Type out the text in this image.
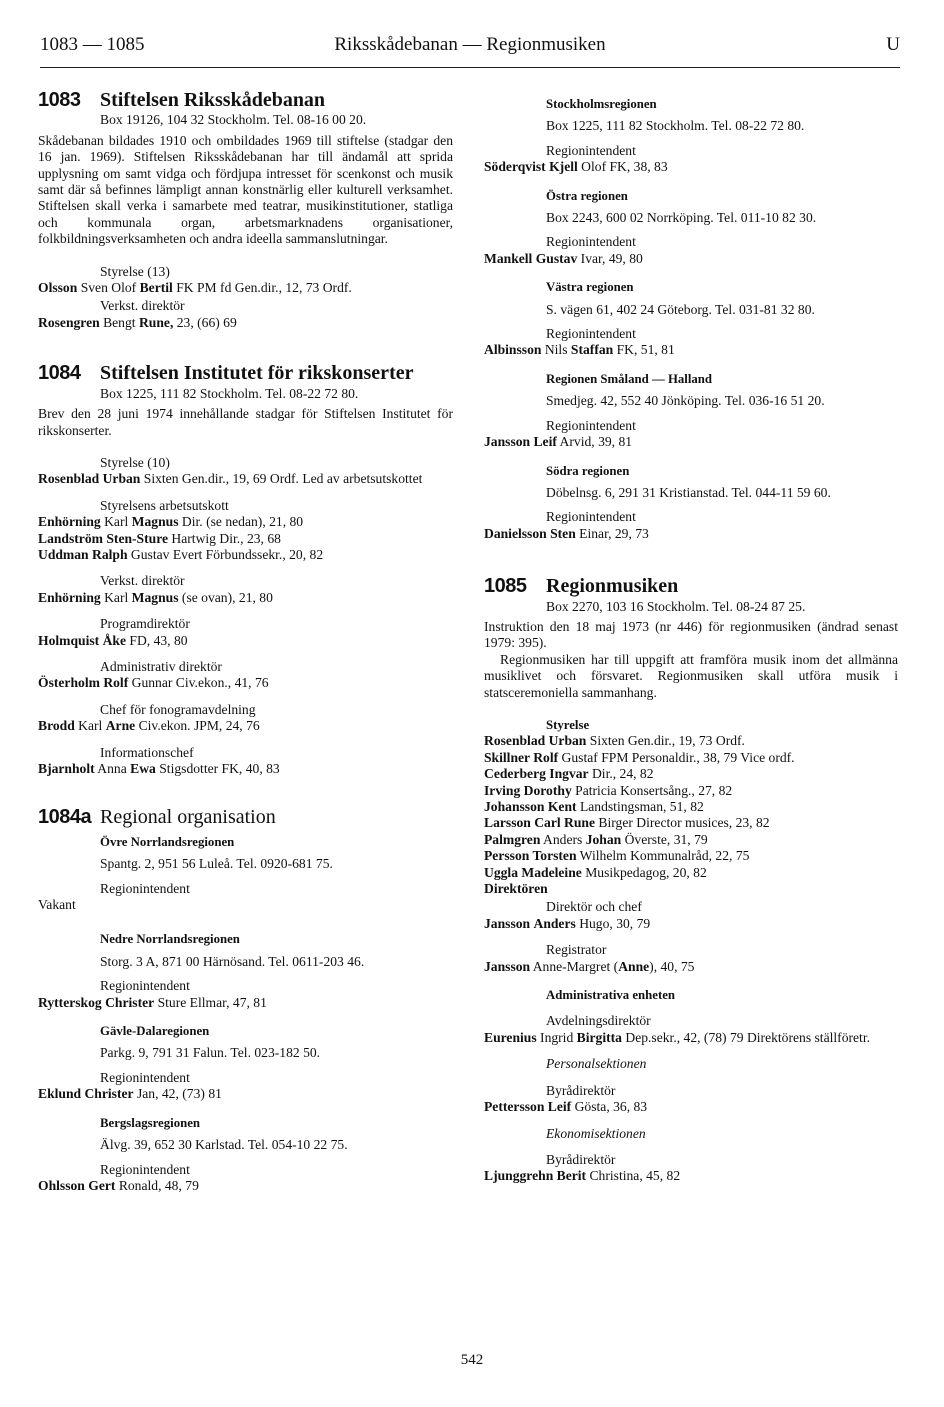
1083 — 1085	Riksskådebanan — Regionmusiken	U
1083 Stiftelsen Riksskådebanan
Box 19126, 104 32 Stockholm. Tel. 08-16 00 20.

Skådebanan bildades 1910 och ombildades 1969 till stiftelse (stadgar den 16 jan. 1969). Stiftelsen Riksskådebanan har till ändamål att sprida upplysning om samt vidga och fördjupa intresset för scenkonst och musik samt där så befinnes lämpligt annan konstnärlig eller kulturell verksamhet. Stiftelsen skall verka i samarbete med teatrar, musikinstitutioner, statliga och kommunala organ, arbetsmarknadens organisationer, folkbildningsverksamheten och andra ideella sammanslutningar.

Styrelse (13)
Olsson Sven Olof Bertil FK PM fd Gen.dir., 12, 73 Ordf.
Verkst. direktör
Rosengren Bengt Rune, 23, (66) 69
1084 Stiftelsen Institutet för rikskonserter
Box 1225, 111 82 Stockholm. Tel. 08-22 72 80.

Brev den 28 juni 1974 innehållande stadgar för Stiftelsen Institutet för rikskonserter.

Styrelse (10)
Rosenblad Urban Sixten Gen.dir., 19, 69 Ordf. Led av arbetsutskottet
Styrelsens arbetsutskott
Enhörning Karl Magnus Dir. (se nedan), 21, 80
Landström Sten-Sture Hartwig Dir., 23, 68
Uddman Ralph Gustav Evert Förbundssekr., 20, 82
Verkst. direktör
Enhörning Karl Magnus (se ovan), 21, 80
Programdirektör
Holmquist Åke FD, 43, 80
Administrativ direktör
Österholm Rolf Gunnar Civ.ekon., 41, 76
Chef för fonogramavdelning
Brodd Karl Arne Civ.ekon. JPM, 24, 76
Informationschef
Bjarnholt Anna Ewa Stigsdotter FK, 40, 83
1084a Regional organisation
Övre Norrlandsregionen
Spantg. 2, 951 56 Luleå. Tel. 0920-681 75.
Regionintendent
Vakant
Nedre Norrlandsregionen
Storg. 3 A, 871 00 Härnösand. Tel. 0611-203 46.
Regionintendent
Rytterskog Christer Sture Ellmar, 47, 81
Gävle-Dalaregionen
Parkg. 9, 791 31 Falun. Tel. 023-182 50.
Regionintendent
Eklund Christer Jan, 42, (73) 81
Bergslagsregionen
Älvg. 39, 652 30 Karlstad. Tel. 054-10 22 75.
Regionintendent
Ohlsson Gert Ronald, 48, 79
Stockholmsregionen
Box 1225, 111 82 Stockholm. Tel. 08-22 72 80.
Regionintendent
Söderqvist Kjell Olof FK, 38, 83
Östra regionen
Box 2243, 600 02 Norrköping. Tel. 011-10 82 30.
Regionintendent
Mankell Gustav Ivar, 49, 80
Västra regionen
S. vägen 61, 402 24 Göteborg. Tel. 031-81 32 80.
Regionintendent
Albinsson Nils Staffan FK, 51, 81
Regionen Småland — Halland
Smedjeg. 42, 552 40 Jönköping. Tel. 036-16 51 20.
Regionintendent
Jansson Leif Arvid, 39, 81
Södra regionen
Döbelnsg. 6, 291 31 Kristianstad. Tel. 044-11 59 60.
Regionintendent
Danielsson Sten Einar, 29, 73
1085 Regionmusiken
Box 2270, 103 16 Stockholm. Tel. 08-24 87 25.

Instruktion den 18 maj 1973 (nr 446) för regionmusiken (ändrad senast 1979: 395).

Regionmusiken har till uppgift att framföra musik inom det allmänna musiklivet och försvaret. Regionmusiken skall utföra musik i statsceremoniella sammanhang.

Styrelse
Rosenblad Urban Sixten Gen.dir., 19, 73 Ordf.
Skillner Rolf Gustaf FPM Personaldir., 38, 79 Vice ordf.
Cederberg Ingvar Dir., 24, 82
Irving Dorothy Patricia Konsertsång., 27, 82
Johansson Kent Landstingsman, 51, 82
Larsson Carl Rune Birger Director musices, 23, 82
Palmgren Anders Johan Överste, 31, 79
Persson Torsten Wilhelm Kommunalråd, 22, 75
Uggla Madeleine Musikpedagog, 20, 82
Direktören
Direktör och chef
Jansson Anders Hugo, 30, 79
Registrator
Jansson Anne-Margret (Anne), 40, 75
Administrativa enheten
Avdelningsdirektör
Eurenius Ingrid Birgitta Dep.sekr., 42, (78) 79 Direktörens ställföretr.
Personalsektionen
Byrådirektör
Pettersson Leif Gösta, 36, 83
Ekonomisektionen
Byrådirektör
Ljunggrehn Berit Christina, 45, 82
542
